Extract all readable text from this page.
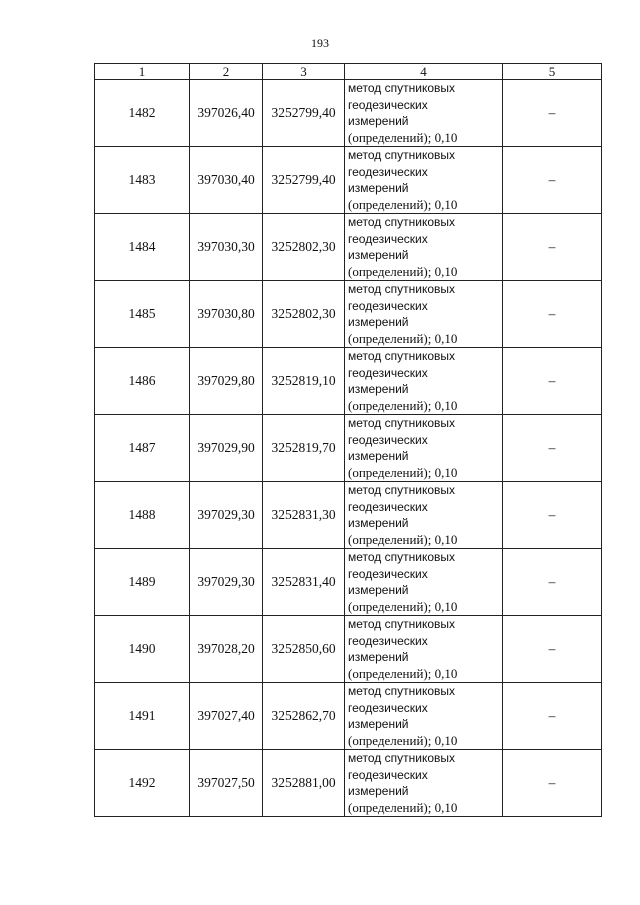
193
1	2	3	4	5
1482	397026,40	3252799,40	метод спутниковых
геодезических
измерений
(определений); 0,10	–
1483	397030,40	3252799,40	метод спутниковых
геодезических
измерений
(определений); 0,10	–
1484	397030,30	3252802,30	метод спутниковых
геодезических
измерений
(определений); 0,10	–
1485	397030,80	3252802,30	метод спутниковых
геодезических
измерений
(определений); 0,10	–
1486	397029,80	3252819,10	метод спутниковых
геодезических
измерений
(определений); 0,10	–
1487	397029,90	3252819,70	метод спутниковых
геодезических
измерений
(определений); 0,10	–
1488	397029,30	3252831,30	метод спутниковых
геодезических
измерений
(определений); 0,10	–
1489	397029,30	3252831,40	метод спутниковых
геодезических
измерений
(определений); 0,10	–
1490	397028,20	3252850,60	метод спутниковых
геодезических
измерений
(определений); 0,10	–
1491	397027,40	3252862,70	метод спутниковых
геодезических
измерений
(определений); 0,10	–
1492	397027,50	3252881,00	метод спутниковых
геодезических
измерений
(определений); 0,10	–
